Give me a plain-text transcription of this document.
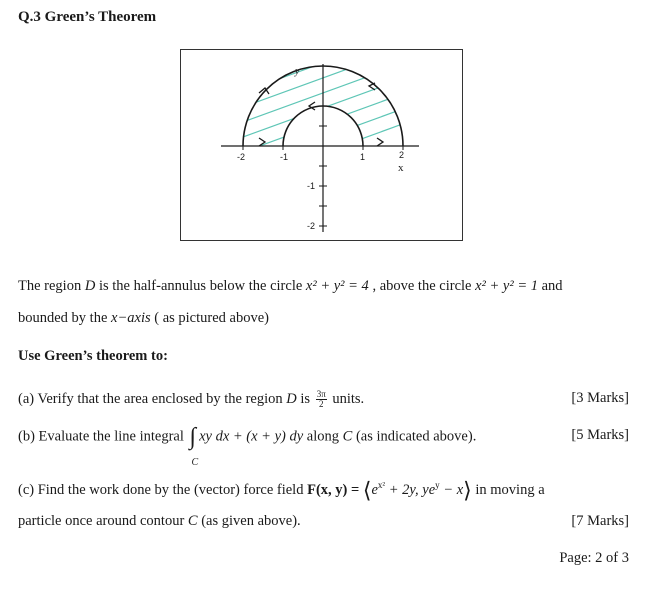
Q.3 Green’s Theorem
-2	-1	1	2
-1
-2
x
y
The region D is the half-annulus below the circle x² + y² = 4 , above the circle x² + y² = 1 and
bounded by the x−axis ( as pictured above)
Use Green’s theorem to:
(a) Verify that the area enclosed by the region D is $\frac{3\pi}{2}$ units.	[3 Marks]
(b) Evaluate the line integral ∫
C
xy dx + (x + y) dy along C (as indicated above).	[5 Marks]
(c) Find the work done by the (vector) force field F(x, $y) = ⟨e^{x^2} + 2y$, $ye^y$ − x⟩ in moving a
particle once around contour C (as given above).	[7 Marks]
Page: 2 of 3
